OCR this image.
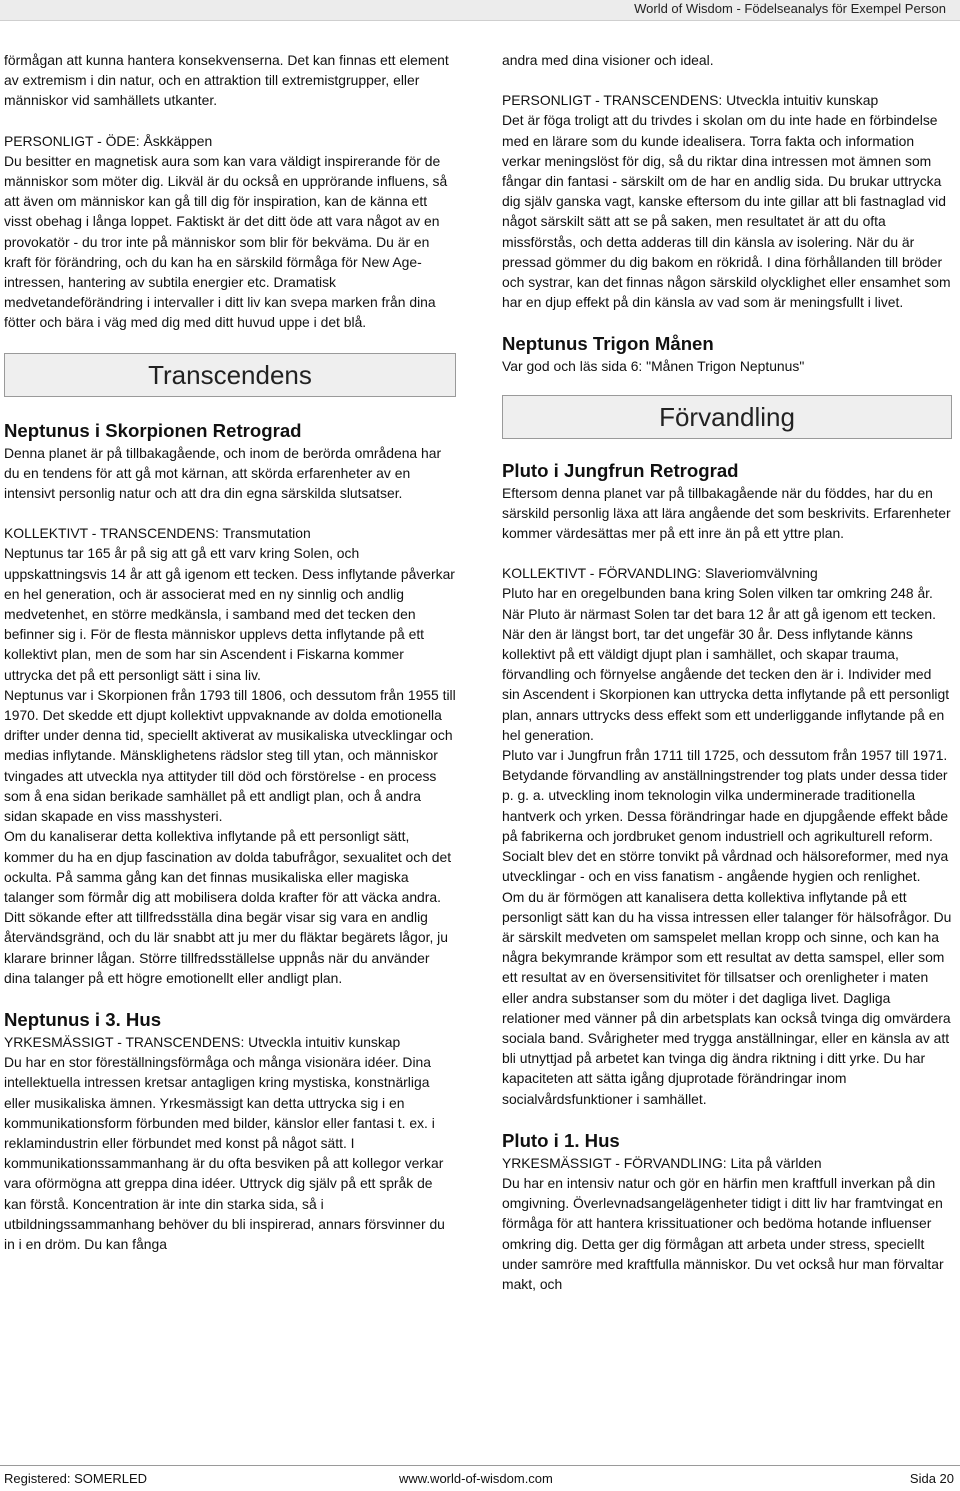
World of Wisdom - Födelseanalys för Exempel Person

förmågan att kunna hantera konsekvenserna. Det kan finnas ett element av extremism i din natur, och en attraktion till extremistgrupper, eller människor vid samhällets utkanter.

PERSONLIGT - ÖDE: Åskkäppen

Du besitter en magnetisk aura som kan vara väldigt inspirerande för de människor som möter dig. Likväl är du också en upprörande influens, så att även om människor kan gå till dig för inspiration, kan de känna ett visst obehag i långa loppet. Faktiskt är det ditt öde att vara något av en provokatör - du tror inte på människor som blir för bekväma. Du är en kraft för förändring, och du kan ha en särskild förmåga för New Age-intressen, hantering av subtila energier etc. Dramatisk medvetandeförändring i intervaller i ditt liv kan svepa marken från dina fötter och bära i väg med dig med ditt huvud uppe i det blå.

Transcendens
Neptunus i Skorpionen Retrograd

Denna planet är på tillbakagående, och inom de berörda områdena har du en tendens för att gå mot kärnan, att skörda erfarenheter av en intensivt personlig natur och att dra din egna särskilda slutsatser.

KOLLEKTIVT - TRANSCENDENS: Transmutation

Neptunus tar 165 år på sig att gå ett varv kring Solen, och uppskattningsvis 14 år att gå igenom ett tecken. Dess inflytande påverkar en hel generation, och är associerat med en ny sinnlig och andlig medvetenhet, en större medkänsla, i samband med det tecken den befinner sig i. För de flesta människor upplevs detta inflytande på ett kollektivt plan, men de som har sin Ascendent i Fiskarna kommer uttrycka det på ett personligt sätt i sina liv.

Neptunus var i Skorpionen från 1793 till 1806, och dessutom från 1955 till 1970. Det skedde ett djupt kollektivt uppvaknande av dolda emotionella drifter under denna tid, speciellt aktiverat av musikaliska utvecklingar och medias inflytande. Mänsklighetens rädslor steg till ytan, och människor tvingades att utveckla nya attityder till död och förstörelse - en process som å ena sidan berikade samhället på ett andligt plan, och å andra sidan skapade en viss masshysteri.

Om du kanaliserar detta kollektiva inflytande på ett personligt sätt, kommer du ha en djup fascination av dolda tabufrågor, sexualitet och det ockulta. På samma gång kan det finnas musikaliska eller magiska talanger som förmår dig att mobilisera dolda krafter för att väcka andra. Ditt sökande efter att tillfredsställa dina begär visar sig vara en andlig återvändsgränd, och du lär snabbt att ju mer du fläktar begärets lågor, ju klarare brinner lågan. Större tillfredsställelse uppnås när du använder dina talanger på ett högre emotionellt eller andligt plan.

Neptunus i 3. Hus

YRKESMÄSSIGT - TRANSCENDENS: Utveckla intuitiv kunskap

Du har en stor föreställningsförmåga och många visionära idéer. Dina intellektuella intressen kretsar antagligen kring mystiska, konstnärliga eller musikaliska ämnen. Yrkesmässigt kan detta uttrycka sig i en kommunikationsform förbunden med bilder, känslor eller fantasi t. ex. i reklamindustrin eller förbundet med konst på något sätt. I kommunikationssammanhang är du ofta besviken på att kollegor verkar vara oförmögna att greppa dina idéer. Uttryck dig själv på ett språk de kan förstå. Koncentration är inte din starka sida, så i utbildningssammanhang behöver du bli inspirerad, annars försvinner du in i en dröm. Du kan fånga

andra med dina visioner och ideal.

PERSONLIGT - TRANSCENDENS: Utveckla intuitiv kunskap

Det är föga troligt att du trivdes i skolan om du inte hade en förbindelse med en lärare som du kunde idealisera. Torra fakta och information verkar meningslöst för dig, så du riktar dina intressen mot ämnen som fångar din fantasi - särskilt om de har en andlig sida. Du brukar uttrycka dig själv ganska vagt, kanske eftersom du inte gillar att bli fastnaglad vid något särskilt sätt att se på saken, men resultatet är att du ofta missförstås, och detta adderas till din känsla av isolering. När du är pressad gömmer du dig bakom en rökridå. I dina förhållanden till bröder och systrar, kan det finnas någon särskild olycklighet eller ensamhet som har en djup effekt på din känsla av vad som är meningsfullt i livet.

Neptunus Trigon Månen

Var god och läs sida 6: "Månen Trigon Neptunus"

Förvandling
Pluto i Jungfrun Retrograd

Eftersom denna planet var på tillbakagående när du föddes, har du en särskild personlig läxa att lära angående det som beskrivits. Erfarenheter kommer värdesättas mer på ett inre än på ett yttre plan.

KOLLEKTIVT - FÖRVANDLING: Slaveriomvälvning

Pluto har en oregelbunden bana kring Solen vilken tar omkring 248 år. När Pluto är närmast Solen tar det bara 12 år att gå igenom ett tecken. När den är längst bort, tar det ungefär 30 år. Dess inflytande känns kollektivt på ett väldigt djupt plan i samhället, och skapar trauma, förvandling och förnyelse angående det tecken den är i. Individer med sin Ascendent i Skorpionen kan uttrycka detta inflytande på ett personligt plan, annars uttrycks dess effekt som ett underliggande inflytande på en hel generation.

Pluto var i Jungfrun från 1711 till 1725, och dessutom från 1957 till 1971. Betydande förvandling av anställningstrender tog plats under dessa tider p. g. a. utveckling inom teknologin vilka underminerade traditionella hantverk och yrken. Dessa förändringar hade en djupgående effekt både på fabrikerna och jordbruket genom industriell och agrikulturell reform. Socialt blev det en större tonvikt på vårdnad och hälsoreformer, med nya utvecklingar - och en viss fanatism - angående hygien och renlighet.

Om du är förmögen att kanalisera detta kollektiva inflytande på ett personligt sätt kan du ha vissa intressen eller talanger för hälsofrågor. Du är särskilt medveten om samspelet mellan kropp och sinne, och kan ha några bekymrande krämpor som ett resultat av detta samspel, eller som ett resultat av en översensitivitet för tillsatser och orenligheter i maten eller andra substanser som du möter i det dagliga livet. Dagliga relationer med vänner på din arbetsplats kan också tvinga dig omvärdera sociala band. Svårigheter med trygga anställningar, eller en känsla av att bli utnyttjad på arbetet kan tvinga dig ändra riktning i ditt yrke. Du har kapaciteten att sätta igång djuprotade förändringar inom socialvårdsfunktioner i samhället.

Pluto i 1. Hus

YRKESMÄSSIGT - FÖRVANDLING: Lita på världen

Du har en intensiv natur och gör en härfin men kraftfull inverkan på din omgivning. Överlevnadsangelägenheter tidigt i ditt liv har framtvingat en förmåga för att hantera krissituationer och bedöma hotande influenser omkring dig. Detta ger dig förmågan att arbeta under stress, speciellt under samröre med kraftfulla människor. Du vet också hur man förvaltar makt, och

Registered: SOMERLED	www.world-of-wisdom.com	Sida 20
